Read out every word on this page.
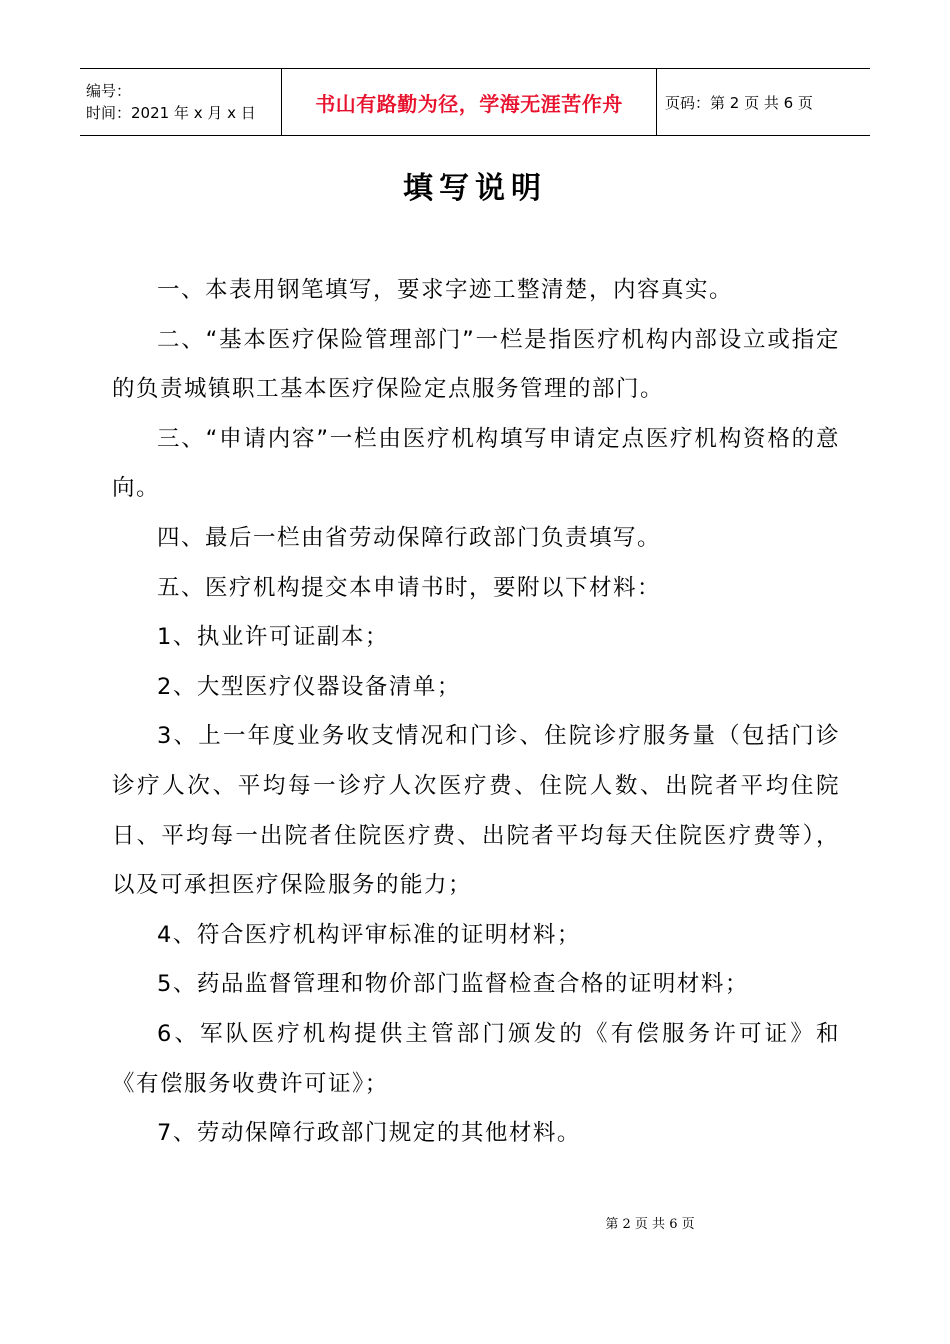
编号：
时间：2021 年 x 月 x 日	书山有路勤为径，学海无涯苦作舟	页码：第 2 页 共 6 页
填写说明

一、本表用钢笔填写，要求字迹工整清楚，内容真实。

二、“基本医疗保险管理部门”一栏是指医疗机构内部设立或指定的负责城镇职工基本医疗保险定点服务管理的部门。

三、“申请内容”一栏由医疗机构填写申请定点医疗机构资格的意向。

四、最后一栏由省劳动保障行政部门负责填写。

五、医疗机构提交本申请书时，要附以下材料：

1、执业许可证副本；

2、大型医疗仪器设备清单；

3、上一年度业务收支情况和门诊、住院诊疗服务量（包括门诊诊疗人次、平均每一诊疗人次医疗费、住院人数、出院者平均住院日、平均每一出院者住院医疗费、出院者平均每天住院医疗费等），以及可承担医疗保险服务的能力；

4、符合医疗机构评审标准的证明材料；

5、药品监督管理和物价部门监督检查合格的证明材料；

6、军队医疗机构提供主管部门颁发的《有偿服务许可证》和《有偿服务收费许可证》；

7、劳动保障行政部门规定的其他材料。

第 2 页 共 6 页
